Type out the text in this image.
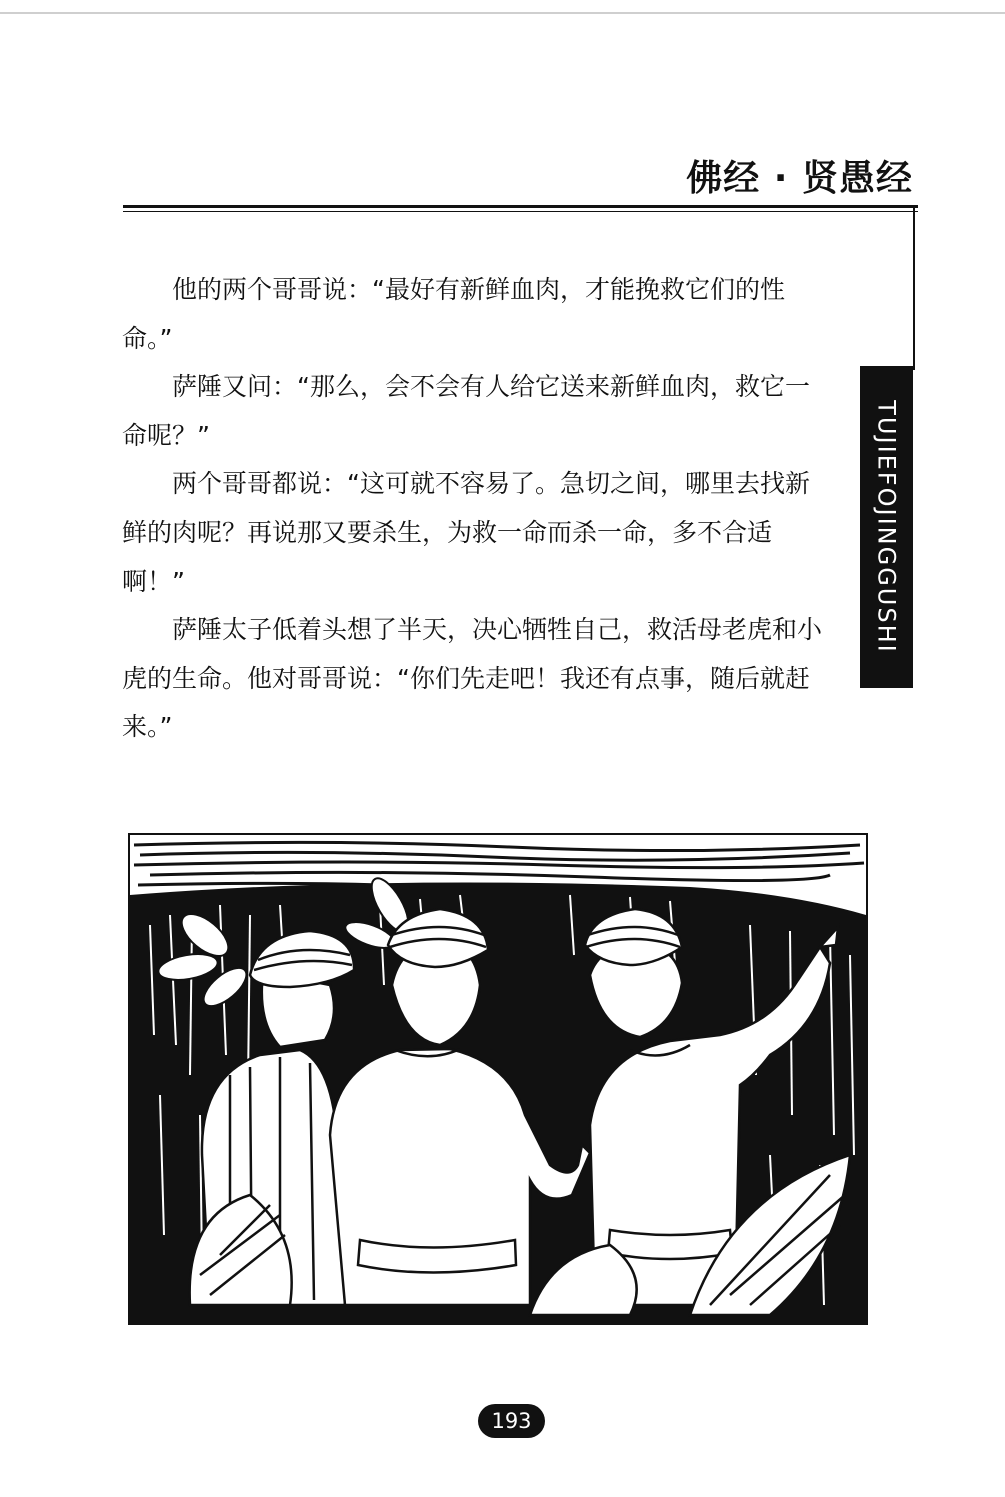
佛经 · 贤愚经
TUJIEFOJINGGUSHI

他的两个哥哥说：“最好有新鲜血肉，才能挽救它们的性命。”

萨陲又问：“那么，会不会有人给它送来新鲜血肉，救它一命呢？”

两个哥哥都说：“这可就不容易了。急切之间，哪里去找新鲜的肉呢？再说那又要杀生，为救一命而杀一命，多不合适啊！”

萨陲太子低着头想了半天，决心牺牲自己，救活母老虎和小虎的生命。他对哥哥说：“你们先走吧！我还有点事，随后就赶来。”

193
